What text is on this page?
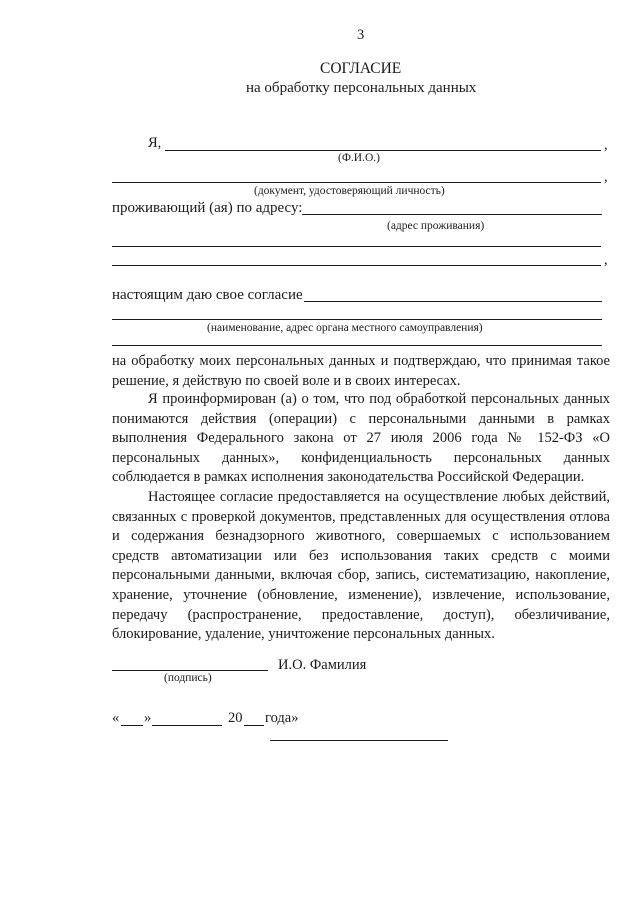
3
СОГЛАСИЕ
на обработку персональных данных
Я,	,
(Ф.И.О.)
,
(документ, удостоверяющий личность)
проживающий (ая) по адресу:
(адрес проживания)
,
настоящим даю свое согласие
(наименование, адрес органа местного самоуправления)

на обработку моих персональных данных и подтверждаю, что принимая такое решение, я действую по своей воле и в своих интересах.

Я проинформирован (а) о том, что под обработкой персональных данных понимаются действия (операции) с персональными данными в рамках выполнения Федерального закона от 27 июля 2006 года № 152-ФЗ «О персональных данных», конфиденциальность персональных данных соблюдается в рамках исполнения законодательства Российской Федерации.

Настоящее согласие предоставляется на осуществление любых действий, связанных с проверкой документов, представленных для осуществления отлова и содержания безнадзорного животного, совершаемых с использованием средств автоматизации или без использования таких средств с моими персональными данными, включая сбор, запись, систематизацию, накопление, хранение, уточнение (обновление, изменение), извлечение, использование, передачу (распространение, предоставление, доступ), обезличивание, блокирование, удаление, уничтожение персональных данных.

И.О. Фамилия
(подпись)
« »	20 года»
